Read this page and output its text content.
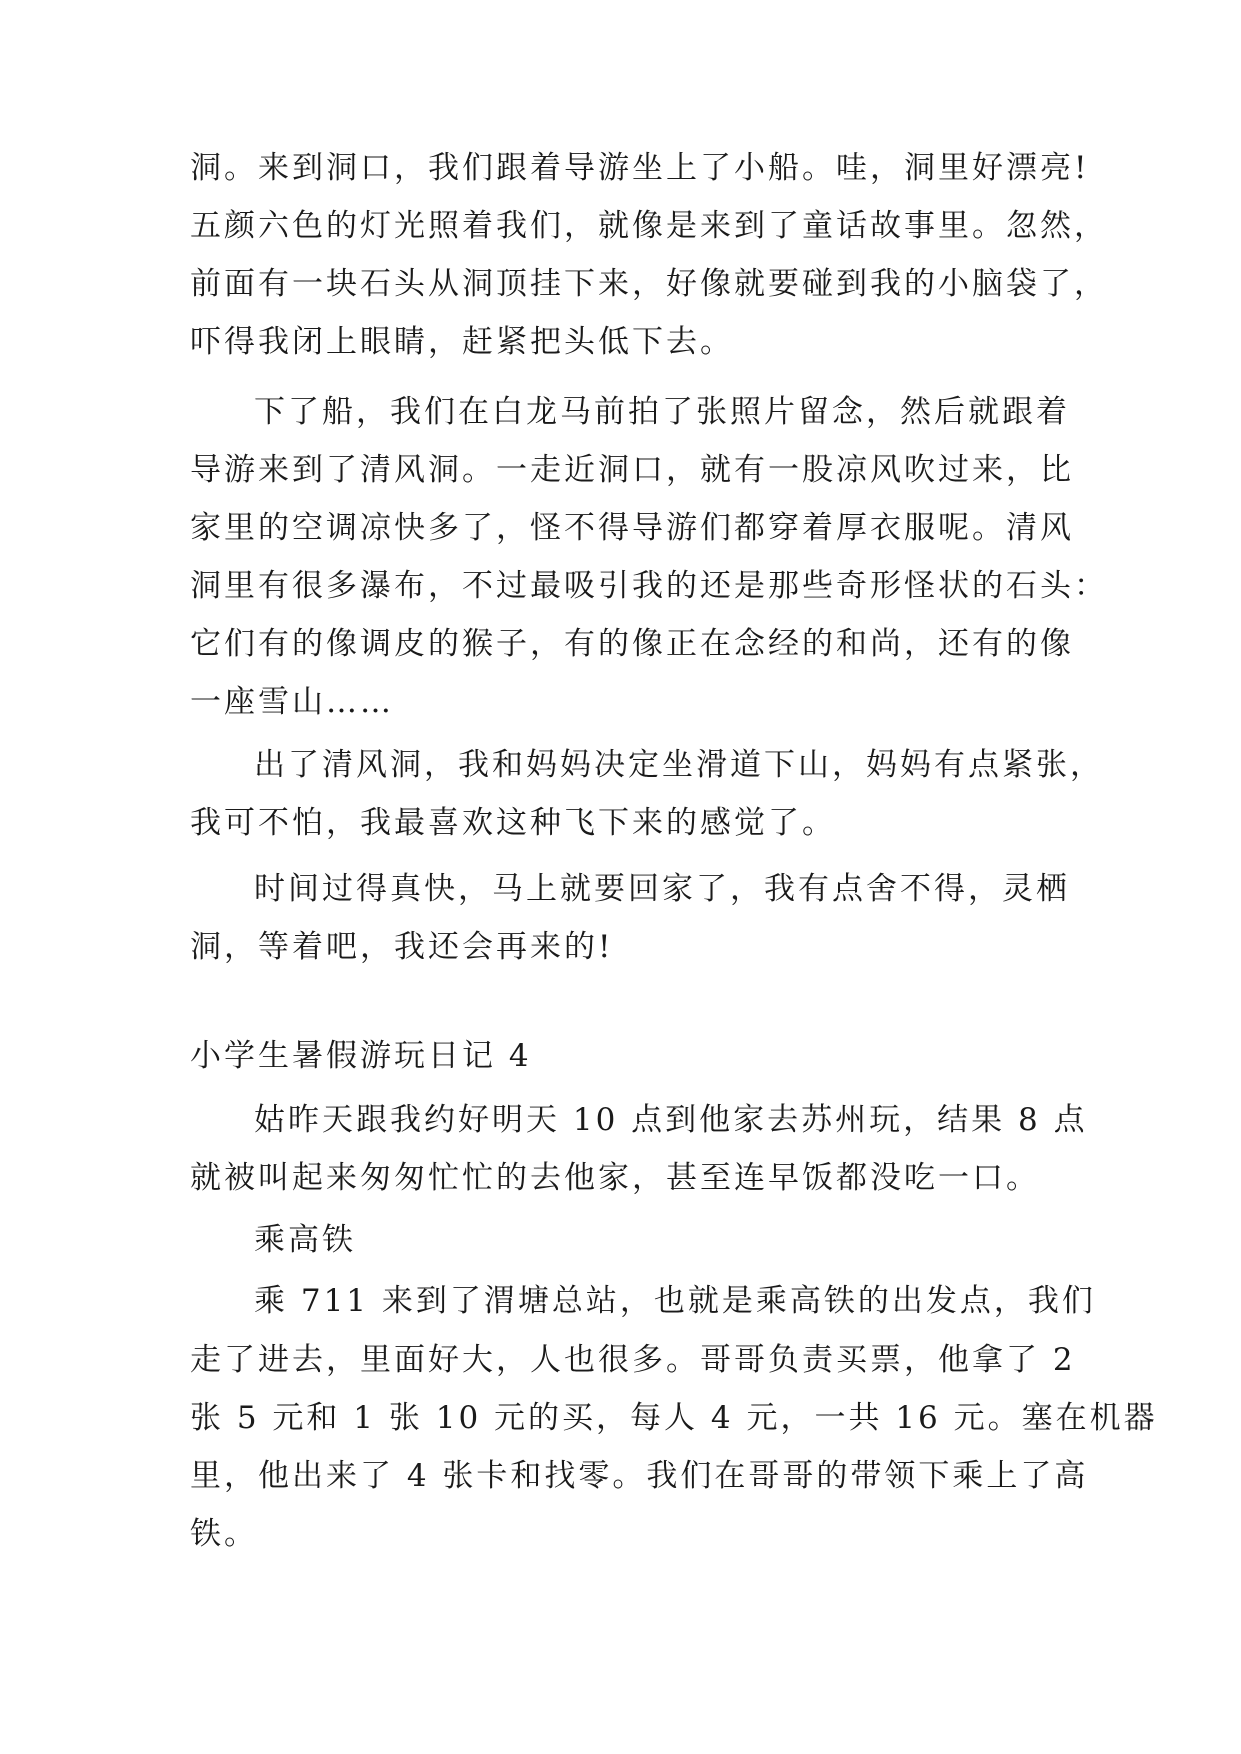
洞。来到洞口，我们跟着导游坐上了小船。哇，洞里好漂亮!
五颜六色的灯光照着我们，就像是来到了童话故事里。忽然，
前面有一块石头从洞顶挂下来，好像就要碰到我的小脑袋了，
吓得我闭上眼睛，赶紧把头低下去。
下了船，我们在白龙马前拍了张照片留念，然后就跟着
导游来到了清风洞。一走近洞口，就有一股凉风吹过来，比
家里的空调凉快多了，怪不得导游们都穿着厚衣服呢。清风
洞里有很多瀑布，不过最吸引我的还是那些奇形怪状的石头：
它们有的像调皮的猴子，有的像正在念经的和尚，还有的像
一座雪山……
出了清风洞，我和妈妈决定坐滑道下山，妈妈有点紧张，
我可不怕，我最喜欢这种飞下来的感觉了。
时间过得真快，马上就要回家了，我有点舍不得，灵栖
洞，等着吧，我还会再来的!
小学生暑假游玩日记 4
姑昨天跟我约好明天 10 点到他家去苏州玩，结果 8 点
就被叫起来匆匆忙忙的去他家，甚至连早饭都没吃一口。
乘高铁
乘 711 来到了渭塘总站，也就是乘高铁的出发点，我们
走了进去，里面好大，人也很多。哥哥负责买票，他拿了 2
张 5 元和 1 张 10 元的买，每人 4 元，一共 16 元。塞在机器
里，他出来了 4 张卡和找零。我们在哥哥的带领下乘上了高
铁。
